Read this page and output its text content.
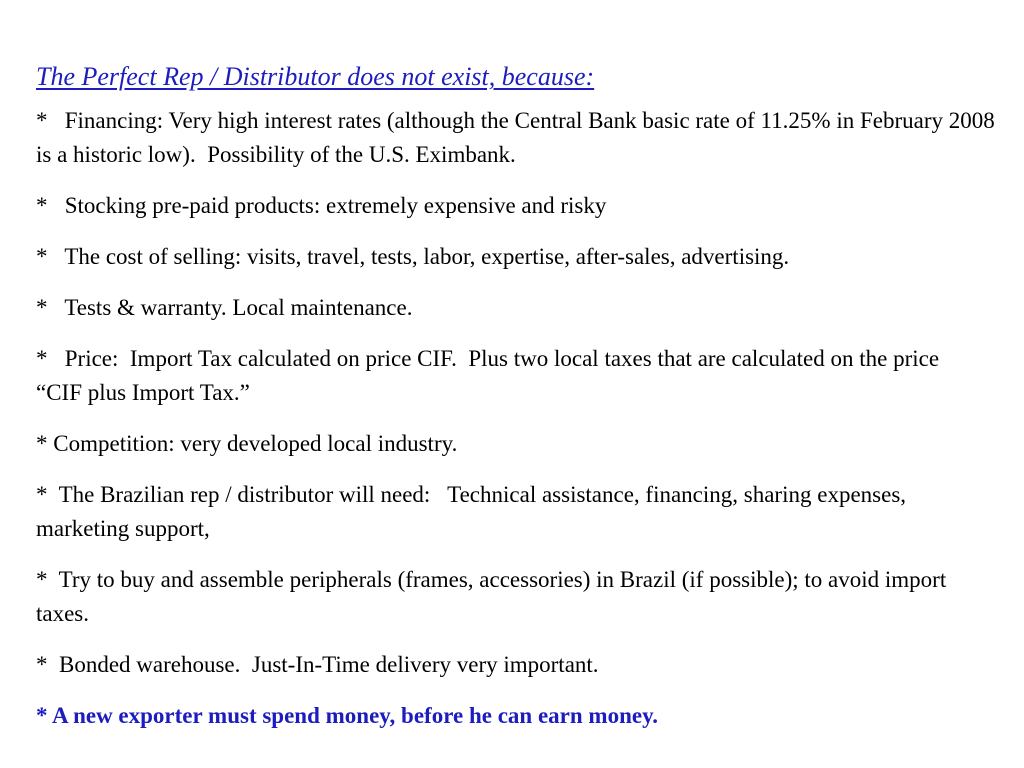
The Perfect Rep / Distributor does not exist, because:
*   Financing: Very high interest rates (although the Central Bank basic rate of 11.25% in February 2008 is a historic low).  Possibility of the U.S. Eximbank.
*   Stocking pre-paid products: extremely expensive and risky
*   The cost of selling: visits, travel, tests, labor, expertise, after-sales, advertising.
*   Tests & warranty. Local maintenance.
*   Price:  Import Tax calculated on price CIF.  Plus two local taxes that are calculated on the price  “CIF plus Import Tax.”
* Competition: very developed local industry.
*  The Brazilian rep / distributor will need:   Technical assistance, financing, sharing expenses,  marketing support,
*  Try to buy and assemble peripherals (frames, accessories) in Brazil (if possible); to avoid import taxes.
*  Bonded warehouse.  Just-In-Time delivery very important.
* A new exporter must spend money, before he can earn money.
